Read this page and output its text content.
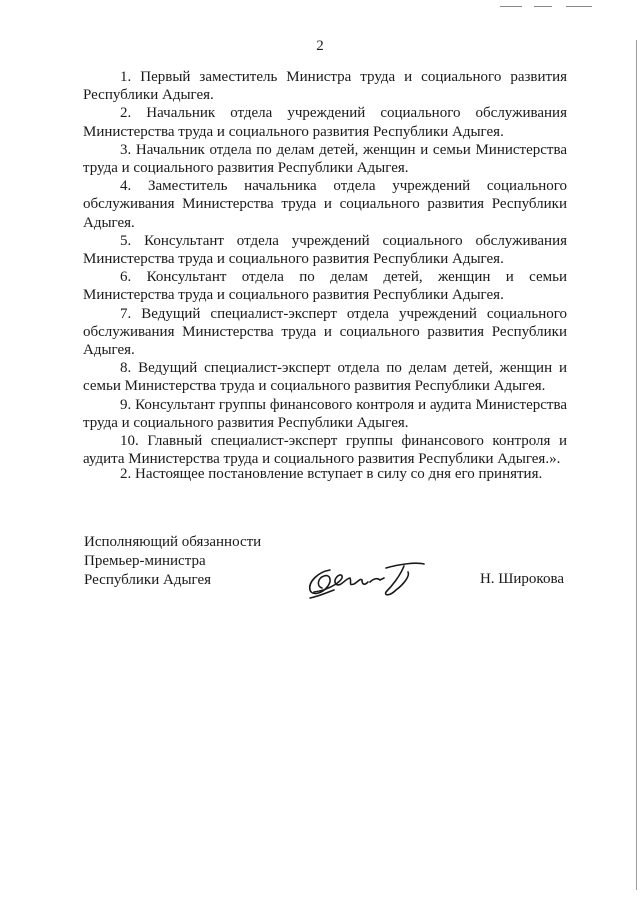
2

1. Первый заместитель Министра труда и социального развития Республики Адыгея.

2. Начальник отдела учреждений социального обслуживания Министерства труда и социального развития Республики Адыгея.

3. Начальник отдела по делам детей, женщин и семьи Министерства труда и социального развития Республики Адыгея.

4. Заместитель начальника отдела учреждений социального обслуживания Министерства труда и социального развития Республики Адыгея.

5. Консультант отдела учреждений социального обслуживания Министерства труда и социального развития Республики Адыгея.

6. Консультант отдела по делам детей, женщин и семьи Министерства труда и социального развития Республики Адыгея.

7. Ведущий специалист-эксперт отдела учреждений социального обслуживания Министерства труда и социального развития Республики Адыгея.

8. Ведущий специалист-эксперт отдела по делам детей, женщин и семьи Министерства труда и социального развития Республики Адыгея.

9. Консультант группы финансового контроля и аудита Министерства труда и социального развития Республики Адыгея.

10. Главный специалист-эксперт группы финансового контроля и аудита Министерства труда и социального развития Республики Адыгея.».

2. Настоящее постановление вступает в силу со дня его принятия.

Исполняющий обязанности
Премьер-министра
Республики Адыгея	Н. Широкова
